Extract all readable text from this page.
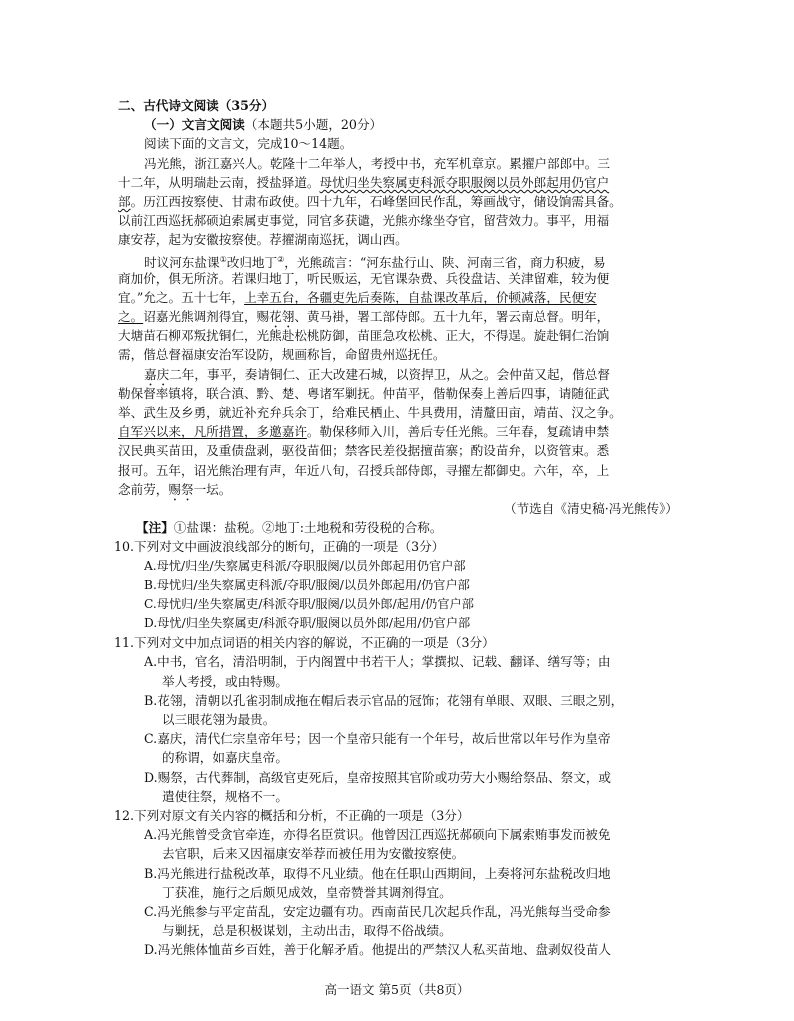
二、古代诗文阅读（35分）
（一）文言文阅读（本题共5小题，20分）
阅读下面的文言文，完成10～14题。
冯光熊，浙江嘉兴人。乾隆十二年举人，考授中书，充军机章京。累擢户部郎中。三
十二年，从明瑞赴云南，授盐驿道。母忧归坐失察属吏科派夺职服阕以员外郎起用仍官户
部。历江西按察使、甘肃布政使。四十九年，石峰堡回民作乱，筹画战守，储设饷需具备。
以前江西巡抚郝硕迫索属吏事觉，同官多获谴，光熊亦缘坐夺官，留营效力。事平，用福
康安荐，起为安徽按察使。荐擢湖南巡抚，调山西。
时议河东盐课①改归地丁②，光熊疏言：“河东盐行山、陕、河南三省，商力积疲，易
商加价，俱无所济。若课归地丁，听民贩运，无官课杂费、兵役盘诘、关津留难，较为便
宜。”允之。五十七年，上幸五台，各疆吏先后奏陈，自盐课改革后，价顿减落，民便安
之。诏嘉光熊调剂得宜，赐花翎、黄马褂，署工部侍郎。五十九年，署云南总督。明年，
大塘苗石柳邓叛扰铜仁，光熊赴松桃防御，苗匪急攻松桃、正大，不得逞。旋赴铜仁治饷
需，偕总督福康安治军设防，规画称旨，命留贵州巡抚任。
嘉庆二年，事平，奏请铜仁、正大改建石城，以资捍卫，从之。会仲苗又起，偕总督
勒保督率镇将，联合滇、黔、楚、粤诸军剿抚。仲苗平，偕勒保奏上善后四事，请随征武
举、武生及乡勇，就近补充弁兵余丁，给难民栖止、牛具费用，清釐田亩，靖苗、汉之争。
自军兴以来，凡所措置，多邀嘉许。勒保移师入川，善后专任光熊。三年春，复疏请申禁
汉民典买苗田，及重债盘剥，驱役苗佃；禁客民差役据擅苗寨；酌设苗弁，以资管束。悉
报可。五年，诏光熊治理有声，年近八旬，召授兵部侍郎，寻擢左都御史。六年，卒，上
念前劳，赐祭一坛。
（节选自《清史稿·冯光熊传》）
【注】①盐课：盐税。②地丁:土地税和劳役税的合称。
10.下列对文中画波浪线部分的断句，正确的一项是（3分）
A.母忧/归坐/失察属吏科派/夺职服阕/以员外郎起用仍官户部
B.母忧归/坐失察属吏科派/夺职/服阕/以员外郎起用/仍官户部
C.母忧归/坐失察属吏/科派夺职/服阕/以员外郎/起用/仍官户部
D.母忧/归坐失察属吏/科派夺职/服阕以员外郎/起用/仍官户部
11.下列对文中加点词语的相关内容的解说，不正确的一项是（3分）
A.中书，官名，清沿明制，于内阁置中书若干人；掌撰拟、记载、翻译、缮写等；由
举人考授，或由特赐。
B.花翎，清朝以孔雀羽制成拖在帽后表示官品的冠饰；花翎有单眼、双眼、三眼之别，
以三眼花翎为最贵。
C.嘉庆，清代仁宗皇帝年号；因一个皇帝只能有一个年号，故后世常以年号作为皇帝
的称谓，如嘉庆皇帝。
D.赐祭，古代葬制，高级官吏死后，皇帝按照其官阶或功劳大小赐给祭品、祭文，或
遣使往祭，规格不一。
12.下列对原文有关内容的概括和分析，不正确的一项是（3分）
A.冯光熊曾受贪官牵连，亦得名臣赏识。他曾因江西巡抚郝硕向下属索贿事发而被免
去官职，后来又因福康安举荐而被任用为安徽按察使。
B.冯光熊进行盐税改革，取得不凡业绩。他在任职山西期间，上奏将河东盐税改归地
丁获准，施行之后颇见成效，皇帝赞誉其调剂得宜。
C.冯光熊参与平定苗乱，安定边疆有功。西南苗民几次起兵作乱，冯光熊每当受命参
与剿抚，总是积极谋划，主动出击，取得不俗战绩。
D.冯光熊体恤苗乡百姓，善于化解矛盾。他提出的严禁汉人私买苗地、盘剥奴役苗人
高一语文 第5页（共8页）
